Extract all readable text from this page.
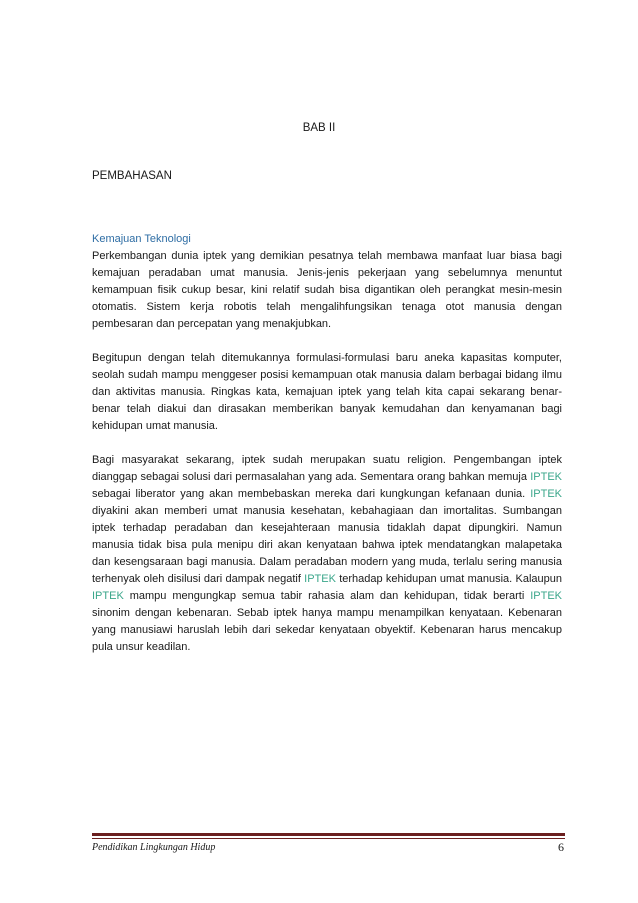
BAB II
PEMBAHASAN

Kemajuan Teknologi

Perkembangan dunia iptek yang demikian pesatnya telah membawa manfaat luar biasa bagi kemajuan peradaban umat manusia. Jenis-jenis pekerjaan yang sebelumnya menuntut kemampuan fisik cukup besar, kini relatif sudah bisa digantikan oleh perangkat mesin-mesin otomatis. Sistem kerja robotis telah mengalihfungsikan tenaga otot manusia dengan pembesaran dan percepatan yang menakjubkan.

Begitupun dengan telah ditemukannya formulasi-formulasi baru aneka kapasitas komputer, seolah sudah mampu menggeser posisi kemampuan otak manusia dalam berbagai bidang ilmu dan aktivitas manusia. Ringkas kata, kemajuan iptek yang telah kita capai sekarang benar-benar telah diakui dan dirasakan memberikan banyak kemudahan dan kenyamanan bagi kehidupan umat manusia.

Bagi masyarakat sekarang, iptek sudah merupakan suatu religion. Pengembangan iptek dianggap sebagai solusi dari permasalahan yang ada. Sementara orang bahkan memuja IPTEK sebagai liberator yang akan membebaskan mereka dari kungkungan kefanaan dunia. IPTEK diyakini akan memberi umat manusia kesehatan, kebahagiaan dan imortalitas. Sumbangan iptek terhadap peradaban dan kesejahteraan manusia tidaklah dapat dipungkiri. Namun manusia tidak bisa pula menipu diri akan kenyataan bahwa iptek mendatangkan malapetaka dan kesengsaraan bagi manusia. Dalam peradaban modern yang muda, terlalu sering manusia terhenyak oleh disilusi dari dampak negatif IPTEK terhadap kehidupan umat manusia. Kalaupun IPTEK mampu mengungkap semua tabir rahasia alam dan kehidupan, tidak berarti IPTEK sinonim dengan kebenaran. Sebab iptek hanya mampu menampilkan kenyataan. Kebenaran yang manusiawi haruslah lebih dari sekedar kenyataan obyektif. Kebenaran harus mencakup pula unsur keadilan.

Pendidikan Lingkungan Hidup	6
